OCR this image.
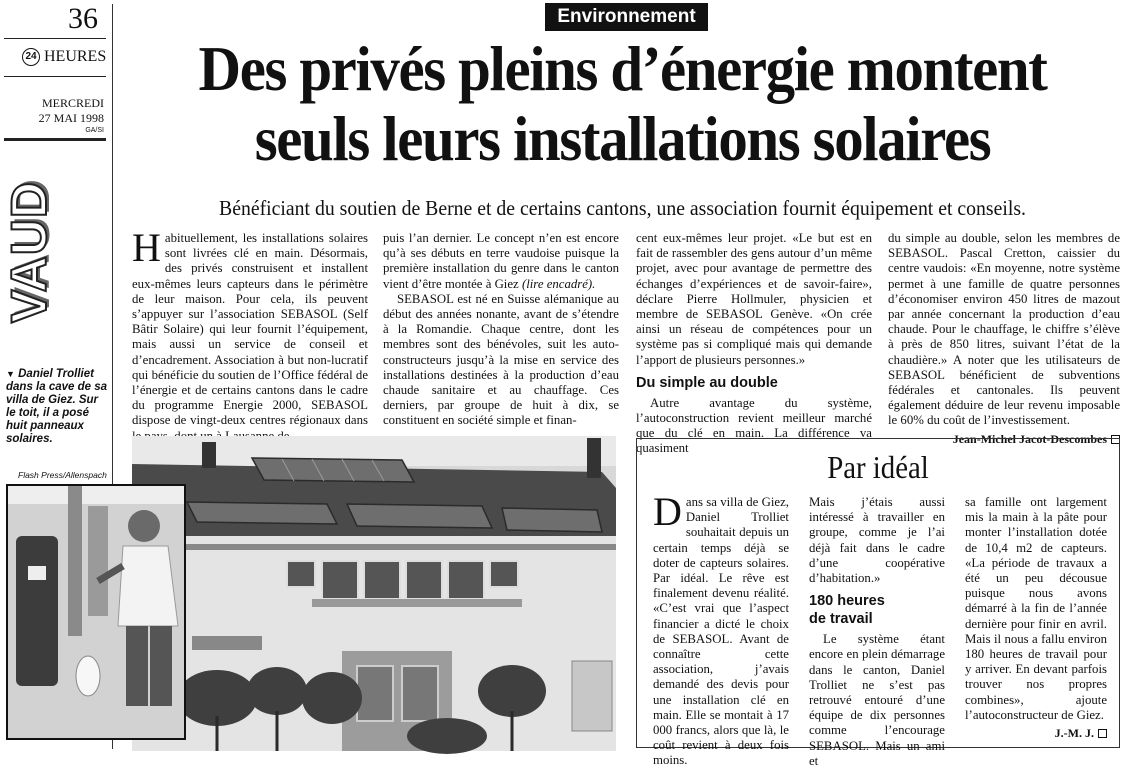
36
24 HEURES
MERCREDI
27 MAI 1998
GA/SI
VAUD
▼ Daniel Trolliet dans la cave de sa villa de Giez. Sur le toit, il a posé huit panneaux solaires.
Flash Press/Allenspach
Environnement
Des privés pleins d’énergie montent
seuls leurs installations solaires
Bénéficiant du soutien de Berne et de certains cantons, une association fournit équipement et conseils.

Habituellement, les installations solaires sont livrées clé en main. Désormais, des privés construisent et installent eux-mêmes leurs capteurs dans le périmètre de leur maison. Pour cela, ils peuvent s’appuyer sur l’association SEBASOL (Self Bâtir Solaire) qui leur fournit l’équipement, mais aussi un service de conseil et d’encadrement. Association à but non-lucratif qui bénéficie du soutien de l’Office fédéral de l’énergie et de certains cantons dans le cadre du programme Energie 2000, SEBASOL dispose de vingt-deux centres régionaux dans

puis l’an dernier. Le concept n’en est encore qu’à ses débuts en terre vaudoise puisque la première installation du genre dans le canton vient d’être montée à Giez (lire encadré).

SEBASOL est né en Suisse alémanique au début des années nonante, avant de s’étendre à la Romandie. Chaque centre, dont les membres sont des bénévoles, suit les auto-constructeurs jusqu’à la mise en service des installations destinées à la production d’eau chaude sanitaire et au chauffage. Ces derniers, par groupe de huit à dix, se constituent en société simple et finan-

cent eux-mêmes leur projet. «Le but est en fait de rassembler des gens autour d’un même projet, avec pour avantage de permettre des échanges d’expériences et de savoir-faire», déclare Pierre Hollmuler, physicien et membre de SEBASOL Genève. «On crée ainsi un réseau de compétences pour un système pas si compliqué mais qui demande l’apport de plusieurs personnes.»

Du simple au double

Autre avantage du système, l’autoconstruction revient meilleur marché que du clé en main. La différence va quasiment

du simple au double, selon les membres de SEBASOL. Pascal Cretton, caissier du centre vaudois: «En moyenne, notre système permet à une famille de quatre personnes d’économiser environ 450 litres de mazout par année concernant la production d’eau chaude. Pour le chauffage, le chiffre s’élève à près de 850 litres, suivant l’état de la chaudière.» A noter que les utilisateurs de SEBASOL bénéficient de subventions fédérales et cantonales. Ils peuvent également déduire de leur revenu imposable le 60% du coût de l’investissement.

Jean-Michel Jacot-Descombes
Par idéal
Dans sa villa de Giez, Daniel Trolliet souhaitait depuis un certain temps déjà se doter de capteurs solaires. Par idéal. Le rêve est finalement devenu réalité. «C’est vrai que l’aspect financier a dicté le choix de SEBASOL. Avant de connaître cette association, j’avais demandé des devis pour une installation clé en main. Elle se montait à 17 000 francs, alors que là, le coût revient à deux fois moins.

Mais j’étais aussi intéressé à travailler en groupe, comme je l’ai déjà fait dans le cadre d’une coopérative d’habitation.»

180 heures
de travail

Le système étant encore en plein démarrage dans le canton, Daniel Trolliet ne s’est pas retrouvé entouré d’une équipe de dix personnes comme l’encourage SEBASOL. Mais un ami et

sa famille ont largement mis la main à la pâte pour monter l’installation dotée de 10,4 m2 de capteurs. «La période de travaux a été un peu décousue puisque nous avons démarré à la fin de l’année dernière pour finir en avril. Mais il nous a fallu environ 180 heures de travail pour y arriver. En devant parfois trouver nos propres combines», ajoute l’autoconstructeur de Giez.

J.-M. J.
